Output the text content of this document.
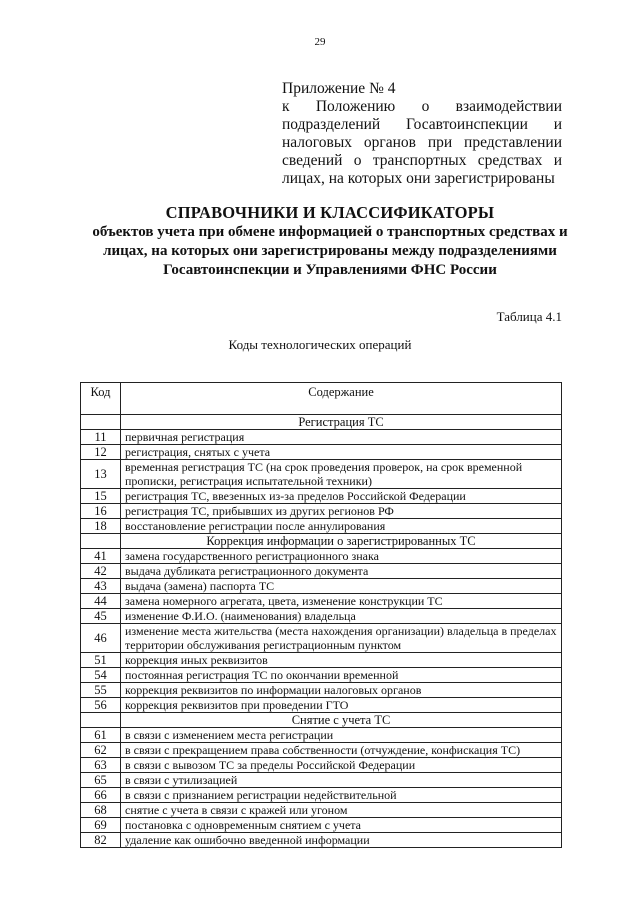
29
Приложение № 4
к Положению о взаимодействии подразделений Госавтоинспекции и налоговых органов при представлении сведений о транспортных средствах и лицах, на которых они зарегистрированы
СПРАВОЧНИКИ И КЛАССИФИКАТОРЫ
объектов учета при обмене информацией о транспортных средствах и
лицах, на которых они зарегистрированы между подразделениями
Госавтоинспекции и Управлениями ФНС России
Таблица 4.1
Коды технологических операций
Код	Содержание
	Регистрация ТС
11	первичная регистрация
12	регистрация, снятых с учета
13	временная регистрация ТС (на срок проведения проверок, на срок временной прописки, регистрация испытательной техники)
15	регистрация ТС, ввезенных из-за пределов Российской Федерации
16	регистрация ТС, прибывших из других регионов РФ
18	восстановление регистрации после аннулирования
	Коррекция информации о зарегистрированных ТС
41	замена государственного регистрационного знака
42	выдача дубликата регистрационного документа
43	выдача (замена) паспорта ТС
44	замена номерного агрегата, цвета, изменение конструкции ТС
45	изменение Ф.И.О. (наименования) владельца
46	изменение места жительства (места нахождения организации) владельца в пределах территории обслуживания регистрационным пунктом
51	коррекция иных реквизитов
54	постоянная регистрация ТС по окончании временной
55	коррекция реквизитов по информации налоговых органов
56	коррекция реквизитов при проведении ГТО
	Снятие с учета ТС
61	в связи с изменением места регистрации
62	в связи с прекращением права собственности (отчуждение, конфискация ТС)
63	в связи с вывозом ТС за пределы Российской Федерации
65	в связи с утилизацией
66	в связи с признанием регистрации недействительной
68	снятие с учета в связи с кражей или угоном
69	постановка с одновременным снятием с учета
82	удаление как ошибочно введенной информации
